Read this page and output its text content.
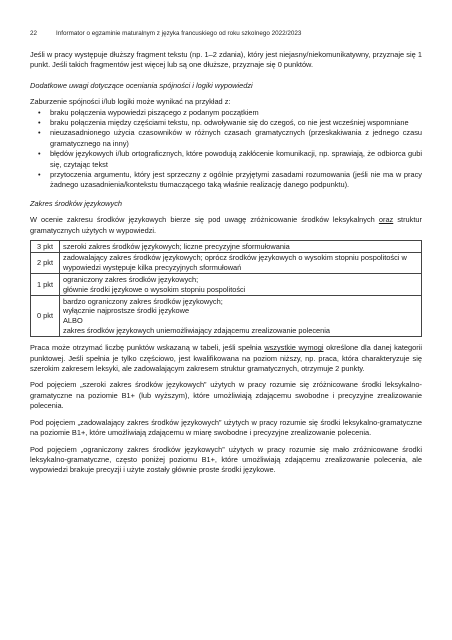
22	Informator o egzaminie maturalnym z języka francuskiego od roku szkolnego 2022/2023

Jeśli w pracy występuje dłuższy fragment tekstu (np. 1–2 zdania), który jest niejasny/niekomunikatywny, przyznaje się 1 punkt. Jeśli takich fragmentów jest więcej lub są one dłuższe, przyznaje się 0 punktów.

Dodatkowe uwagi dotyczące oceniania spójności i logiki wypowiedzi

Zaburzenie spójności i/lub logiki może wynikać na przykład z:

• braku połączenia wypowiedzi piszącego z podanym początkiem
• braku połączenia między częściami tekstu, np. odwoływanie się do czegoś, co nie jest wcześniej wspomniane
• nieuzasadnionego użycia czasowników w różnych czasach gramatycznych (przeskakiwania z jednego czasu gramatycznego na inny)
• błędów językowych i/lub ortograficznych, które powodują zakłócenie komunikacji, np. sprawiają, że odbiorca gubi się, czytając tekst
• przytoczenia argumentu, który jest sprzeczny z ogólnie przyjętymi zasadami rozumowania (jeśli nie ma w pracy żadnego uzasadnienia/kontekstu tłumaczącego taką właśnie realizację danego podpunktu).

Zakres środków językowych

W ocenie zakresu środków językowych bierze się pod uwagę zróżnicowanie środków leksykalnych oraz struktur gramatycznych użytych w wypowiedzi.

3 pkt	szeroki zakres środków językowych; liczne precyzyjne sformułowania

2 pkt	zadowalający zakres środków językowych; oprócz środków językowych o wysokim stopniu pospolitości w wypowiedzi występuje kilka precyzyjnych sformułowań

1 pkt	ograniczony zakres środków językowych;
głównie środki językowe o wysokim stopniu pospolitości

0 pkt	bardzo ograniczony zakres środków językowych;
wyłącznie najprostsze środki językowe
ALBO
zakres środków językowych uniemożliwiający zdającemu zrealizowanie polecenia

Praca może otrzymać liczbę punktów wskazaną w tabeli, jeśli spełnia wszystkie wymogi określone dla danej kategorii punktowej. Jeśli spełnia je tylko częściowo, jest kwalifikowana na poziom niższy, np. praca, która charakteryzuje się szerokim zakresem leksyki, ale zadowalającym zakresem struktur gramatycznych, otrzymuje 2 punkty.

Pod pojęciem „szeroki zakres środków językowych” użytych w pracy rozumie się zróżnicowane środki leksykalno-gramatyczne na poziomie B1+ (lub wyższym), które umożliwiają zdającemu swobodne i precyzyjne zrealizowanie polecenia.

Pod pojęciem „zadowalający zakres środków językowych” użytych w pracy rozumie się środki leksykalno-gramatyczne na poziomie B1+, które umożliwiają zdającemu w miarę swobodne i precyzyjne zrealizowanie polecenia.

Pod pojęciem „ograniczony zakres środków językowych” użytych w pracy rozumie się mało zróżnicowane środki leksykalno-gramatyczne, często poniżej poziomu B1+, które umożliwiają zdającemu zrealizowanie polecenia, ale wypowiedzi brakuje precyzji i użyte zostały głównie proste środki językowe.
